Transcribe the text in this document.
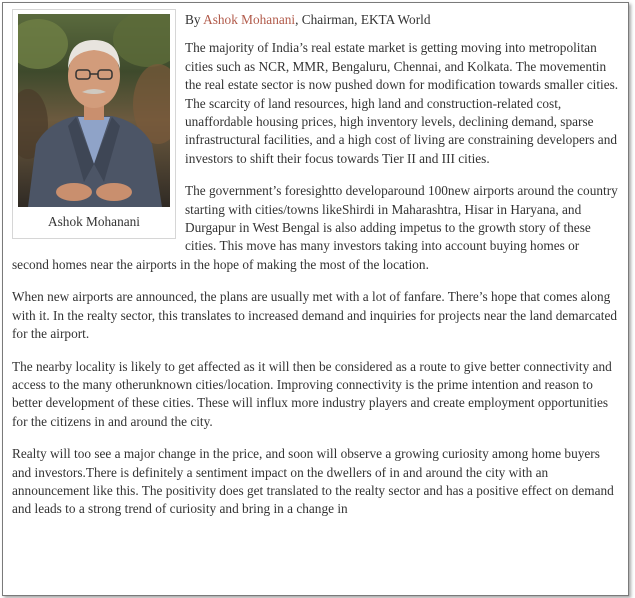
Ashok Mohanani
By Ashok Mohanani, Chairman, EKTA World

The majority of India’s real estate market is getting moving into metropolitan cities such as NCR, MMR, Bengaluru, Chennai, and Kolkata. The movementin the real estate sector is now pushed down for modification towards smaller cities. The scarcity of land resources, high land and construction-related cost, unaffordable housing prices, high inventory levels, declining demand, sparse infrastructural facilities, and a high cost of living are constraining developers and investors to shift their focus towards Tier II and III cities.

The government’s foresightto developaround 100new airports around the country starting with cities/towns likeShirdi in Maharashtra, Hisar in Haryana, and Durgapur in West Bengal is also adding impetus to the growth story of these cities. This move has many investors taking into account buying homes or second homes near the airports in the hope of making the most of the location.

When new airports are announced, the plans are usually met with a lot of fanfare. There’s hope that comes along with it. In the realty sector, this translates to increased demand and inquiries for projects near the land demarcated for the airport.

The nearby locality is likely to get affected as it will then be considered as a route to give better connectivity and access to the many otherunknown cities/location. Improving connectivity is the prime intention and reason to better development of these cities. These will influx more industry players and create employment opportunities for the citizens in and around the city.

Realty will too see a major change in the price, and soon will observe a growing curiosity among home buyers and investors.There is definitely a sentiment impact on the dwellers of in and around the city with an announcement like this. The positivity does get translated to the realty sector and has a positive effect on demand and leads to a strong trend of curiosity and bring in a change in
